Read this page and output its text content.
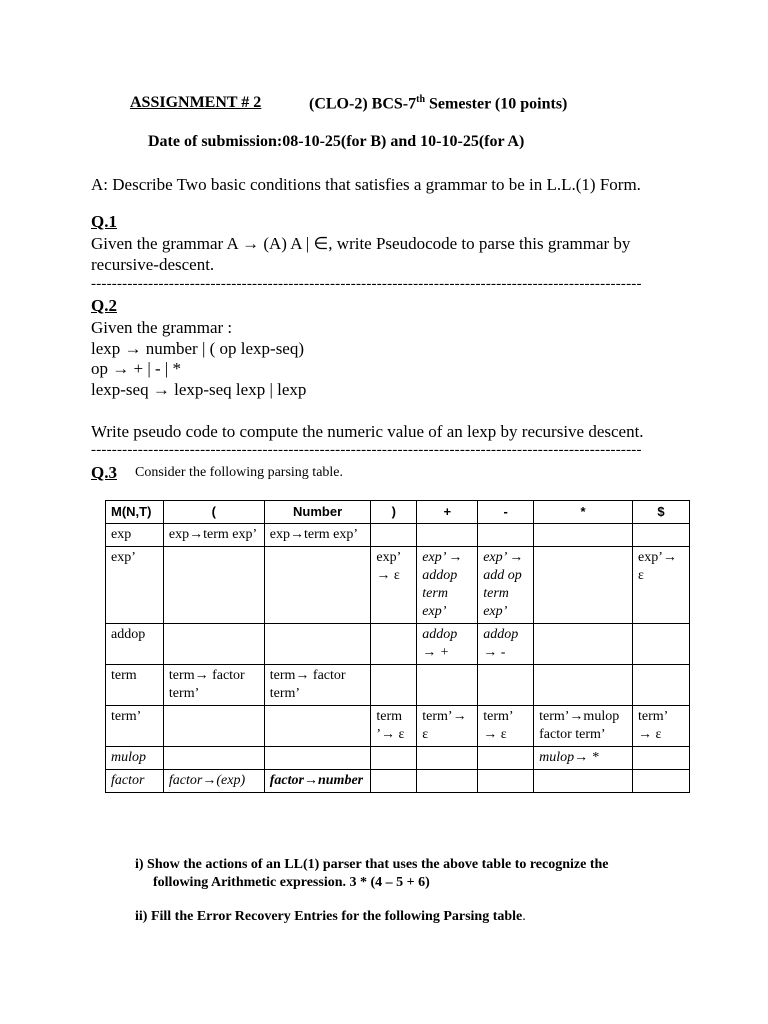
ASSIGNMENT # 2	(CLO-2) BCS-7th Semester (10 points)
Date of submission:08-10-25(for B) and 10-10-25(for A)
A: Describe Two basic conditions that satisfies a grammar to be in L.L.(1) Form.
Q.1
Given the grammar A → (A) A | ∈, write Pseudocode to parse this grammar by
recursive-descent.
----------------------------------------------------------------------------------------------------------
Q.2
Given the grammar :
lexp → number | ( op lexp-seq)
op → + | - | *
lexp-seq → lexp-seq lexp | lexp
Write pseudo code to compute the numeric value of an lexp by recursive descent.
----------------------------------------------------------------------------------------------------------
Q.3 Consider the following parsing table.
M(N,T)	(	Number	)	+	-	*	$
exp	exp→term exp’	exp→term exp’					
exp’			exp’ → ε	exp’ → addop term exp’	exp’ → add op term exp’		exp’→ ε
addop				addop → +	addop → -		
term	term→ factor term’	term→ factor term’					
term’			term ’→ ε	term’→ ε	term’ → ε	term’→mulop factor term’	term’ → ε
mulop						mulop→ *	
factor	factor→(exp)	factor→number					
i) Show the actions of an LL(1) parser that uses the above table to recognize the
following Arithmetic expression. 3 * (4 – 5 + 6)
ii) Fill the Error Recovery Entries for the following Parsing table.
